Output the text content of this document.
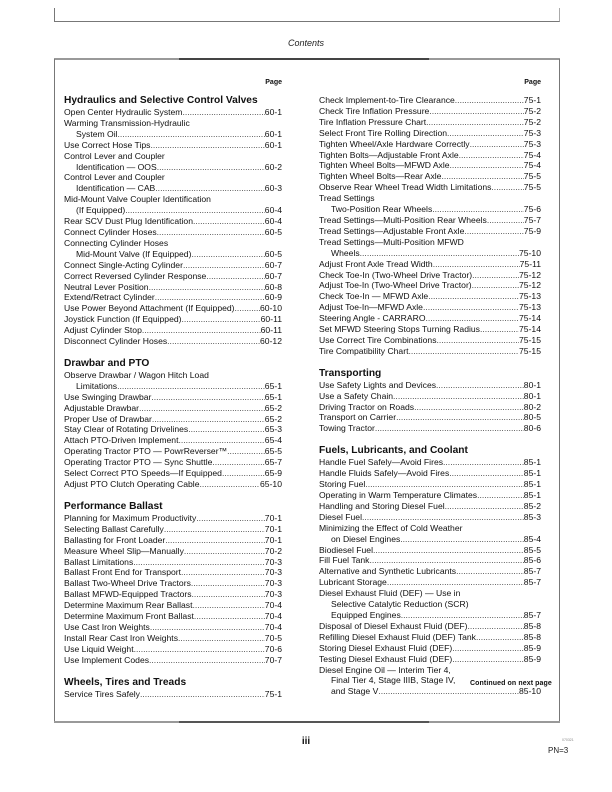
Contents
Page
Hydraulics and Selective Control Valves
Open Center Hydraulic System .....	60-1
Warming Transmission-Hydraulic
System Oil .....	60-1
Use Correct Hose Tips .....	60-1
Control Lever and Coupler
Identification — OOS .....	60-2
Control Lever and Coupler
Identification — CAB .....	60-3
Mid-Mount Valve Coupler Identification
(If Equipped) .....	60-4
Rear SCV Dust Plug Identification .....	60-4
Connect Cylinder Hoses .....	60-5
Connecting Cylinder Hoses
Mid-Mount Valve (If Equipped) .....	60-5
Connect Single-Acting Cylinder .....	60-7
Correct Reversed Cylinder Response .....	60-7
Neutral Lever Position .....	60-8
Extend/Retract Cylinder .....	60-9
Use Power Beyond Attachment (If Equipped) .....	60-10
Joystick Function (If Equipped) .....	60-11
Adjust Cylinder Stop .....	60-11
Disconnect Cylinder Hoses .....	60-12
Drawbar and PTO
Observe Drawbar / Wagon Hitch Load
Limitations .....	65-1
Use Swinging Drawbar .....	65-1
Adjustable Drawbar .....	65-2
Proper Use of Drawbar .....	65-2
Stay Clear of Rotating Drivelines .....	65-3
Attach PTO-Driven Implement .....	65-4
Operating Tractor PTO — PowrReverser™ .....	65-5
Operating Tractor PTO — Sync Shuttle .....	65-7
Select Correct PTO Speeds—If Equipped .....	65-9
Adjust PTO Clutch Operating Cable .....	65-10
Performance Ballast
Planning for Maximum Productivity .....	70-1
Selecting Ballast Carefully .....	70-1
Ballasting for Front Loader .....	70-1
Measure Wheel Slip—Manually .....	70-2
Ballast Limitations .....	70-3
Ballast Front End for Transport .....	70-3
Ballast Two-Wheel Drive Tractors .....	70-3
Ballast MFWD-Equipped Tractors .....	70-3
Determine Maximum Rear Ballast .....	70-4
Determine Maximum Front Ballast .....	70-4
Use Cast Iron Weights .....	70-4
Install Rear Cast Iron Weights .....	70-5
Use Liquid Weight .....	70-6
Use Implement Codes .....	70-7
Wheels, Tires and Treads
Service Tires Safely .....	75-1
Page
Check Implement-to-Tire Clearance .....	75-1
Check Tire Inflation Pressure .....	75-2
Tire Inflation Pressure Chart .....	75-2
Select Front Tire Rolling Direction .....	75-3
Tighten Wheel/Axle Hardware Correctly .....	75-3
Tighten Bolts—Adjustable Front Axle .....	75-4
Tighten Wheel Bolts—MFWD Axle .....	75-4
Tighten Wheel Bolts—Rear Axle .....	75-5
Observe Rear Wheel Tread Width Limitations .....	75-5
Tread Settings
Two-Position Rear Wheels .....	75-6
Tread Settings—Multi-Position Rear Wheels .....	75-7
Tread Settings—Adjustable Front Axle .....	75-9
Tread Settings—Multi-Position MFWD
Wheels .....	75-10
Adjust Front Axle Tread Width .....	75-11
Check Toe-In (Two-Wheel Drive Tractor) .....	75-12
Adjust Toe-In (Two-Wheel Drive Tractor) .....	75-12
Check Toe-In — MFWD Axle .....	75-13
Adjust Toe-In—MFWD Axle .....	75-13
Steering Angle - CARRARO .....	75-14
Set MFWD Steering Stops Turning Radius .....	75-14
Use Correct Tire Combinations .....	75-15
Tire Compatibility Chart .....	75-15
Transporting
Use Safety Lights and Devices .....	80-1
Use a Safety Chain .....	80-1
Driving Tractor on Roads .....	80-2
Transport on Carrier .....	80-5
Towing Tractor .....	80-6
Fuels, Lubricants, and Coolant
Handle Fuel Safely—Avoid Fires .....	85-1
Handle Fluids Safely—Avoid Fires .....	85-1
Storing Fuel .....	85-1
Operating in Warm Temperature Climates .....	85-1
Handling and Storing Diesel Fuel .....	85-2
Diesel Fuel .....	85-3
Minimizing the Effect of Cold Weather
on Diesel Engines .....	85-4
Biodiesel Fuel .....	85-5
Fill Fuel Tank .....	85-6
Alternative and Synthetic Lubricants .....	85-7
Lubricant Storage .....	85-7
Diesel Exhaust Fluid (DEF) — Use in
Selective Catalytic Reduction (SCR)
Equipped Engines .....	85-7
Disposal of Diesel Exhaust Fluid (DEF) .....	85-8
Refilling Diesel Exhaust Fluid (DEF) Tank .....	85-8
Storing Diesel Exhaust Fluid (DEF) .....	85-9
Testing Diesel Exhaust Fluid (DEF) .....	85-9
Diesel Engine Oil — Interim Tier 4,
Final Tier 4, Stage IIIB, Stage IV,
and Stage V .....	85-10
Continued on next page
iii	070321
PN=3
